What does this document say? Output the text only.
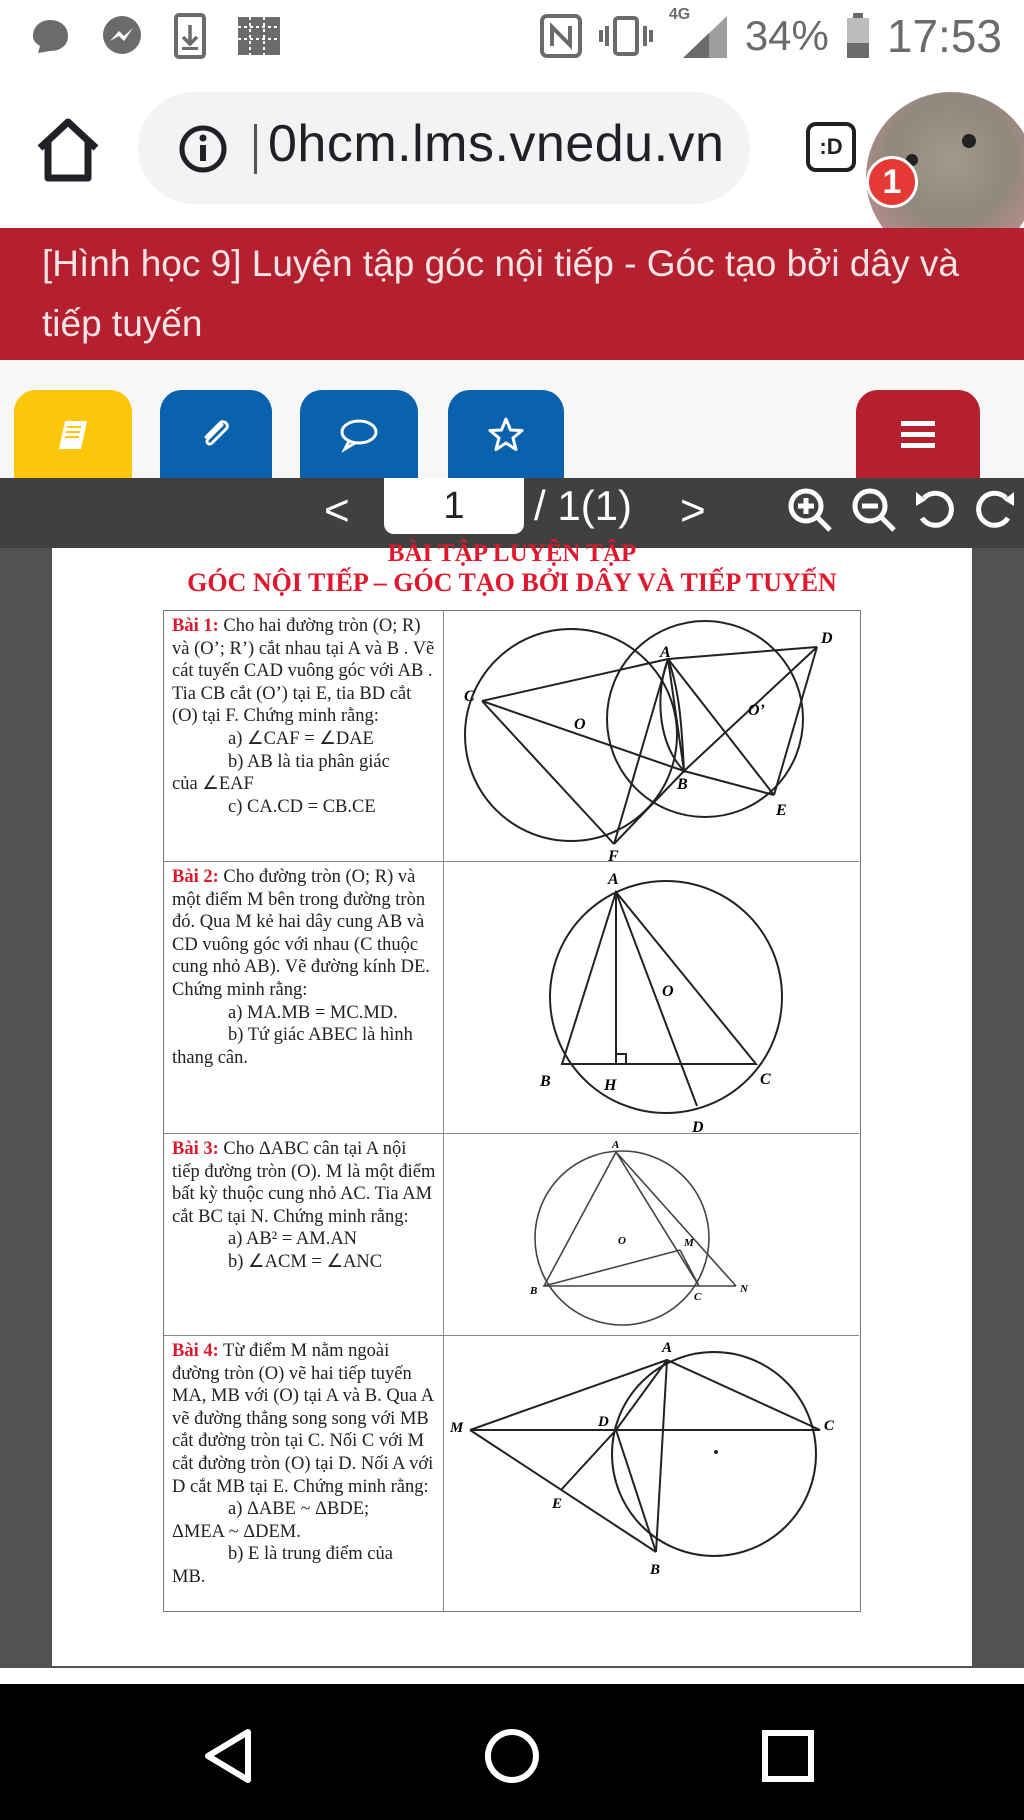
4G 34% 17:53
0hcm.lms.vnedu.vn	:D
1
[Hình học 9] Luyện tập góc nội tiếp - Góc tạo bởi dây và tiếp tuyến
<	1	/ 1(1) >
BÀI TẬP LUYỆN TẬP
GÓC NỘI TIẾP – GÓC TẠO BỞI DÂY VÀ TIẾP TUYẾN
Bài 1: Cho hai đường tròn (O; R) và (O’; R’) cắt nhau tại A và B . Vẽ cát tuyến CAD vuông góc với AB . Tia CB cắt (O’) tại E, tia BD cắt (O) tại F. Chứng minh rằng:
a) ∠CAF = ∠DAE
b) AB là tia phân giác
của ∠EAF
c) CA.CD = CB.CE
C
A
D
O
O’
B
E
F
Bài 2: Cho đường tròn (O; R) và một điểm M bên trong đường tròn đó. Qua M kẻ hai dây cung AB và CD vuông góc với nhau (C thuộc cung nhỏ AB). Vẽ đường kính DE. Chứng minh rằng:
a) MA.MB = MC.MD.
b) Tứ giác ABEC là hình
thang cân.
A
O
B	H	C
D
Bài 3: Cho ΔABC cân tại A nội tiếp đường tròn (O). M là một điểm bất kỳ thuộc cung nhỏ AC. Tia AM cắt BC tại N. Chứng minh rằng:
a) AB² = AM.AN
b) ∠ACM = ∠ANC
A
O	M
B	C
N
Bài 4: Từ điểm M nằm ngoài đường tròn (O) vẽ hai tiếp tuyến MA, MB với (O) tại A và B. Qua A vẽ đường thẳng song song với MB cắt đường tròn tại C. Nối C với M cắt đường tròn (O) tại D. Nối A với D cắt MB tại E. Chứng minh rằng:
a) ΔABE ~ ΔBDE;
ΔMEA ~ ΔDEM.
b) E là trung điểm của
MB.
A
M	D	C
E
B
